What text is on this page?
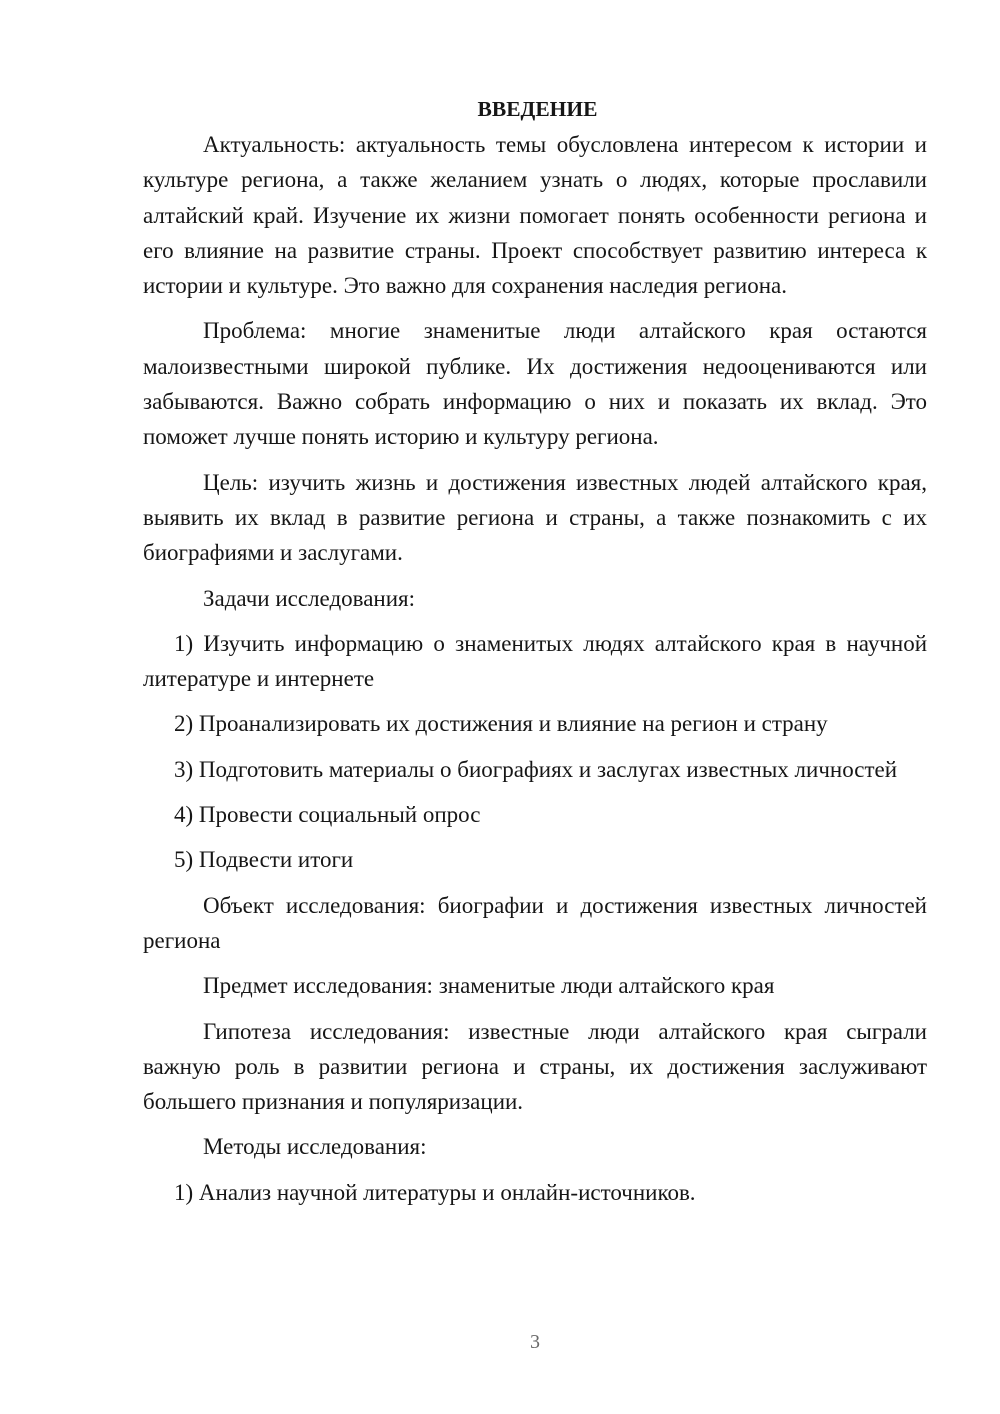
ВВЕДЕНИЕ

Актуальность: актуальность темы обусловлена интересом к истории и культуре региона, а также желанием узнать о людях, которые прославили алтайский край. Изучение их жизни помогает понять особенности региона и его влияние на развитие страны. Проект способствует развитию интереса к истории и культуре. Это важно для сохранения наследия региона.

Проблема: многие знаменитые люди алтайского края остаются малоизвестными широкой публике. Их достижения недооцениваются или забываются. Важно собрать информацию о них и показать их вклад. Это поможет лучше понять историю и культуру региона.

Цель: изучить жизнь и достижения известных людей алтайского края, выявить их вклад в развитие региона и страны, а также познакомить с их биографиями и заслугами.

Задачи исследования:

1) Изучить информацию о знаменитых людях алтайского края в научной литературе и интернете

2) Проанализировать их достижения и влияние на регион и страну

3) Подготовить материалы о биографиях и заслугах известных личностей

4) Провести социальный опрос

5) Подвести итоги

Объект исследования: биографии и достижения известных личностей региона

Предмет исследования: знаменитые люди алтайского края

Гипотеза исследования: известные люди алтайского края сыграли важную роль в развитии региона и страны, их достижения заслуживают большего признания и популяризации.

Методы исследования:

1) Анализ научной литературы и онлайн-источников.

3
